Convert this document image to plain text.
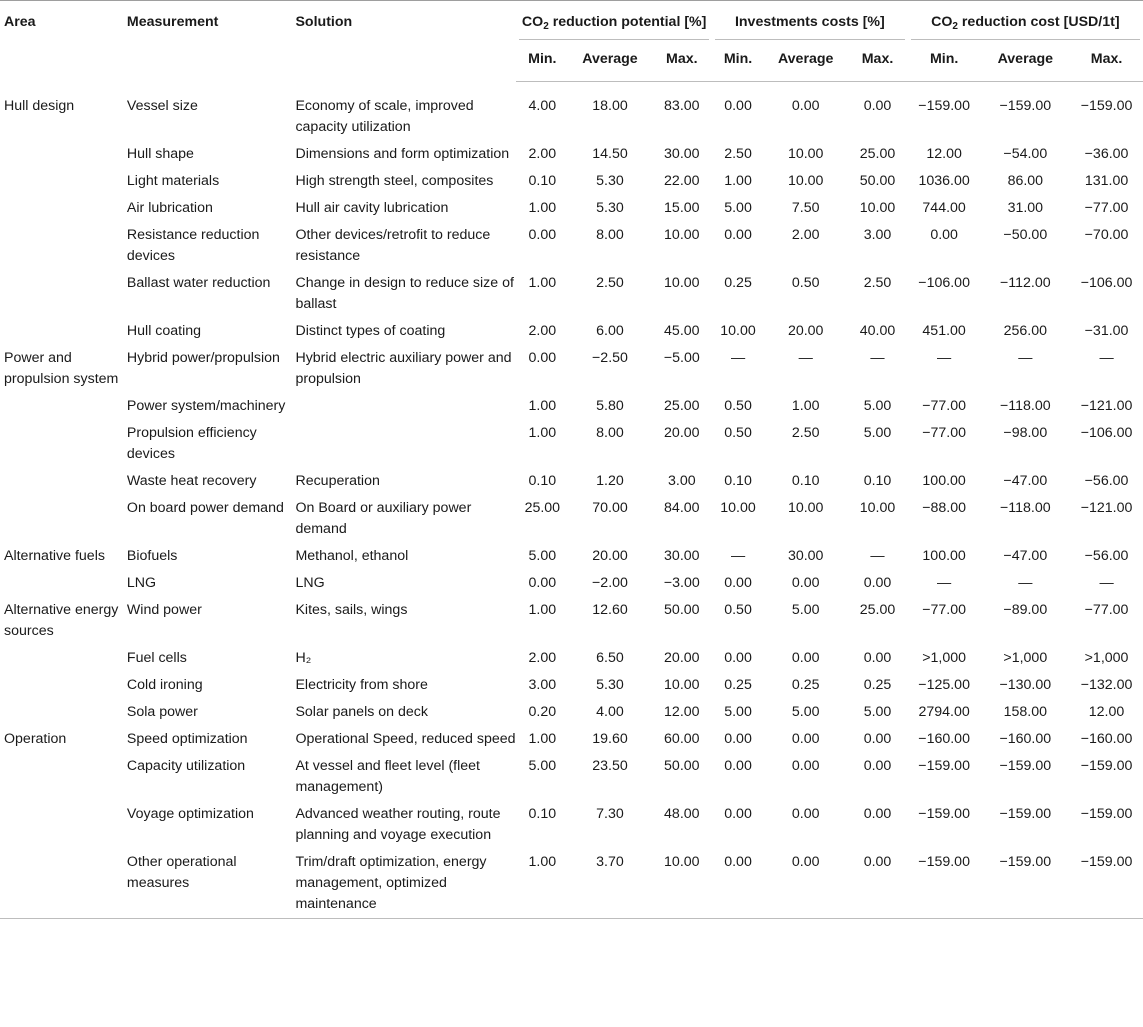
Area	Measurement	Solution	$CO_2$ reduction potential [%]			Investments costs [%]			$CO_2$ reduction cost [USD/1t]		

			Min.	Average	Max.	Min.	Average	Max.	Min.	Average	Max.
Hull design	Vessel size	Economy of scale, improved capacity utilization	4.00	18.00	83.00	0.00	0.00	0.00	−159.00	−159.00	−159.00
	Hull shape	Dimensions and form optimization	2.00	14.50	30.00	2.50	10.00	25.00	12.00	−54.00	−36.00
	Light materials	High strength steel, composites	0.10	5.30	22.00	1.00	10.00	50.00	1036.00	86.00	131.00
	Air lubrication	Hull air cavity lubrication	1.00	5.30	15.00	5.00	7.50	10.00	744.00	31.00	−77.00
	Resistance reduction devices	Other devices/retrofit to reduce resistance	0.00	8.00	10.00	0.00	2.00	3.00	0.00	−50.00	−70.00
	Ballast water reduction	Change in design to reduce size of ballast	1.00	2.50	10.00	0.25	0.50	2.50	−106.00	−112.00	−106.00
	Hull coating	Distinct types of coating	2.00	6.00	45.00	10.00	20.00	40.00	451.00	256.00	−31.00
Power and propulsion system	Hybrid power/propulsion	Hybrid electric auxiliary power and propulsion	0.00	−2.50	−5.00	—	—	—	—	—	—
	Power system/machinery		1.00	5.80	25.00	0.50	1.00	5.00	−77.00	−118.00	−121.00
	Propulsion efficiency devices		1.00	8.00	20.00	0.50	2.50	5.00	−77.00	−98.00	−106.00
	Waste heat recovery	Recuperation	0.10	1.20	3.00	0.10	0.10	0.10	100.00	−47.00	−56.00
	On board power demand	On Board or auxiliary power demand	25.00	70.00	84.00	10.00	10.00	10.00	−88.00	−118.00	−121.00
Alternative fuels	Biofuels	Methanol, ethanol	5.00	20.00	30.00	—	30.00	—	100.00	−47.00	−56.00
	LNG	LNG	0.00	−2.00	−3.00	0.00	0.00	0.00	—	—	—
Alternative energy sources	Wind power	Kites, sails, wings	1.00	12.60	50.00	0.50	5.00	25.00	−77.00	−89.00	−77.00
	Fuel cells	H₂	2.00	6.50	20.00	0.00	0.00	0.00	>1,000	>1,000	>1,000
	Cold ironing	Electricity from shore	3.00	5.30	10.00	0.25	0.25	0.25	−125.00	−130.00	−132.00
	Sola power	Solar panels on deck	0.20	4.00	12.00	5.00	5.00	5.00	2794.00	158.00	12.00
Operation	Speed optimization	Operational Speed, reduced speed	1.00	19.60	60.00	0.00	0.00	0.00	−160.00	−160.00	−160.00
	Capacity utilization	At vessel and fleet level (fleet management)	5.00	23.50	50.00	0.00	0.00	0.00	−159.00	−159.00	−159.00
	Voyage optimization	Advanced weather routing, route planning and voyage execution	0.10	7.30	48.00	0.00	0.00	0.00	−159.00	−159.00	−159.00
	Other operational measures	Trim/draft optimization, energy management, optimized maintenance	1.00	3.70	10.00	0.00	0.00	0.00	−159.00	−159.00	−159.00
